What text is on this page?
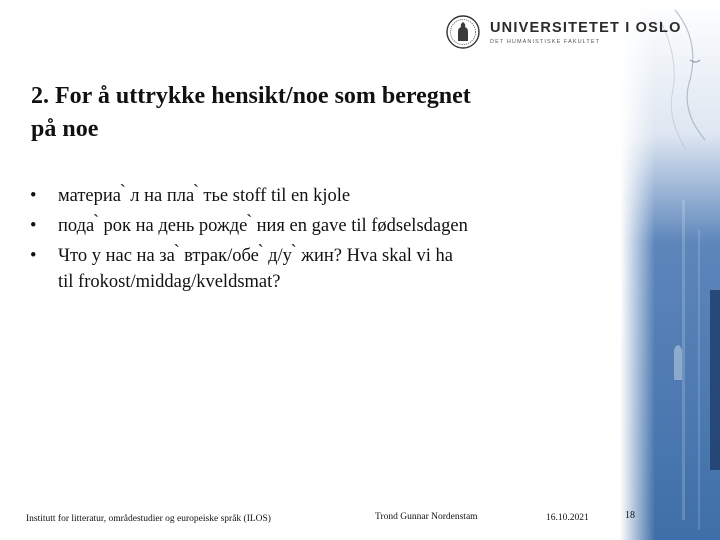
UNIVERSITETET I OSLO
DET HUMANISTISKE FAKULTET
2. For å uttrykke hensikt/noe som beregnet
på noe
• материа ̀ л на пла ̀ тье stoff til en kjole
• пода ̀ рок на день рожде ̀ ния en gave til fødselsdagen
• Что у нас на за ̀ втрак/обе ̀ д/у ̀ жин? Hva skal vi ha
til frokost/middag/kveldsmat?
Institutt for litteratur, områdestudier og europeiske språk (ILOS)	Trond Gunnar Nordenstam	16.10.2021	18
